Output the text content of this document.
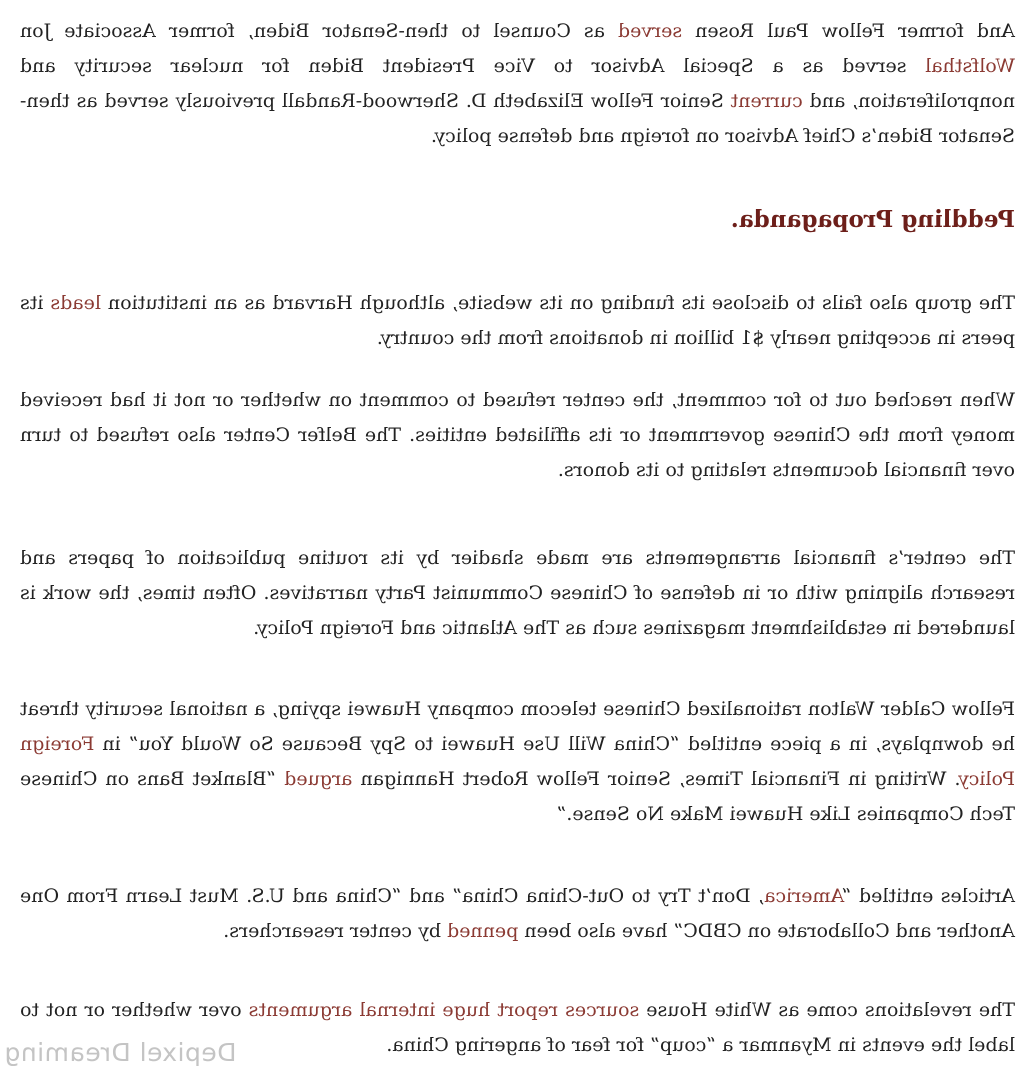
And former Fellow Paul Rosen served as Counsel to then-Senator Biden, former Associate Jon Wolfsthal served as a Special Advisor to Vice President Biden for nuclear security and nonproliferation, and current Senior Fellow Elizabeth D. Sherwood-Randall previously served as then-Senator Biden’s Chief Advisor on foreign and defense policy.

Peddling Propaganda.

The group also fails to disclose its funding on its website, although Harvard as an institution leads its peers in accepting nearly $1 billion in donations from the country.

When reached out to for comment, the center refused to comment on whether or not it had received money from the Chinese government or its affiliated entities. The Belfer Center also refused to turn over financial documents relating to its donors.

The center’s financial arrangements are made shadier by its routine publication of papers and research aligning with or in defense of Chinese Communist Party narratives. Often times, the work is laundered in establishment magazines such as The Atlantic and Foreign Policy.

Fellow Calder Walton rationalized Chinese telecom company Huawei spying, a national security threat he downplays, in a piece entitled “China Will Use Huawei to Spy Because So Would You” in Foreign Policy. Writing in Financial Times, Senior Fellow Robert Hannigan argued “Blanket Bans on Chinese Tech Companies Like Huawei Make No Sense.”

Articles entitled “America, Don’t Try to Out-China China” and “China and U.S. Must Learn From One Another and Collaborate on CBDC” have also been penned by center researchers.

The revelations come as White House sources report huge internal arguments over whether or not to label the events in Myanmar a “coup” for fear of angering China.

Depixel Dreaming
